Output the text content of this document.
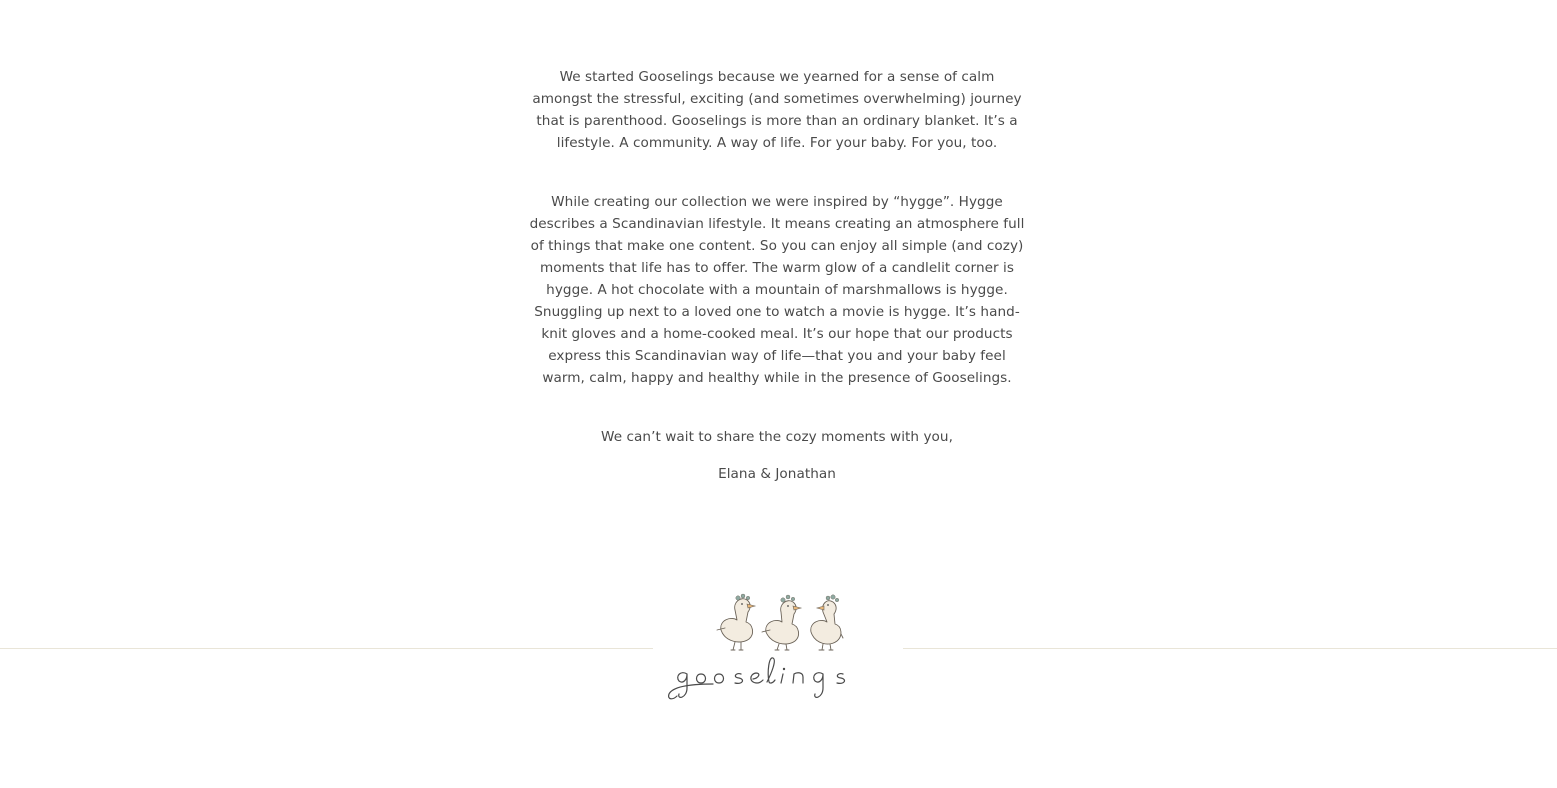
We started Gooselings because we yearned for a sense of calm amongst the stressful, exciting (and sometimes overwhelming) journey that is parenthood. Gooselings is more than an ordinary blanket. It’s a lifestyle. A community. A way of life. For your baby. For you, too.

While creating our collection we were inspired by “hygge”. Hygge describes a Scandinavian lifestyle. It means creating an atmosphere full of things that make one content. So you can enjoy all simple (and cozy) moments that life has to offer. The warm glow of a candlelit corner is hygge. A hot chocolate with a mountain of marshmallows is hygge. Snuggling up next to a loved one to watch a movie is hygge. It’s hand-knit gloves and a home-cooked meal. It’s our hope that our products express this Scandinavian way of life—that you and your baby feel warm, calm, happy and healthy while in the presence of Gooselings.

We can’t wait to share the cozy moments with you,

Elana & Jonathan
